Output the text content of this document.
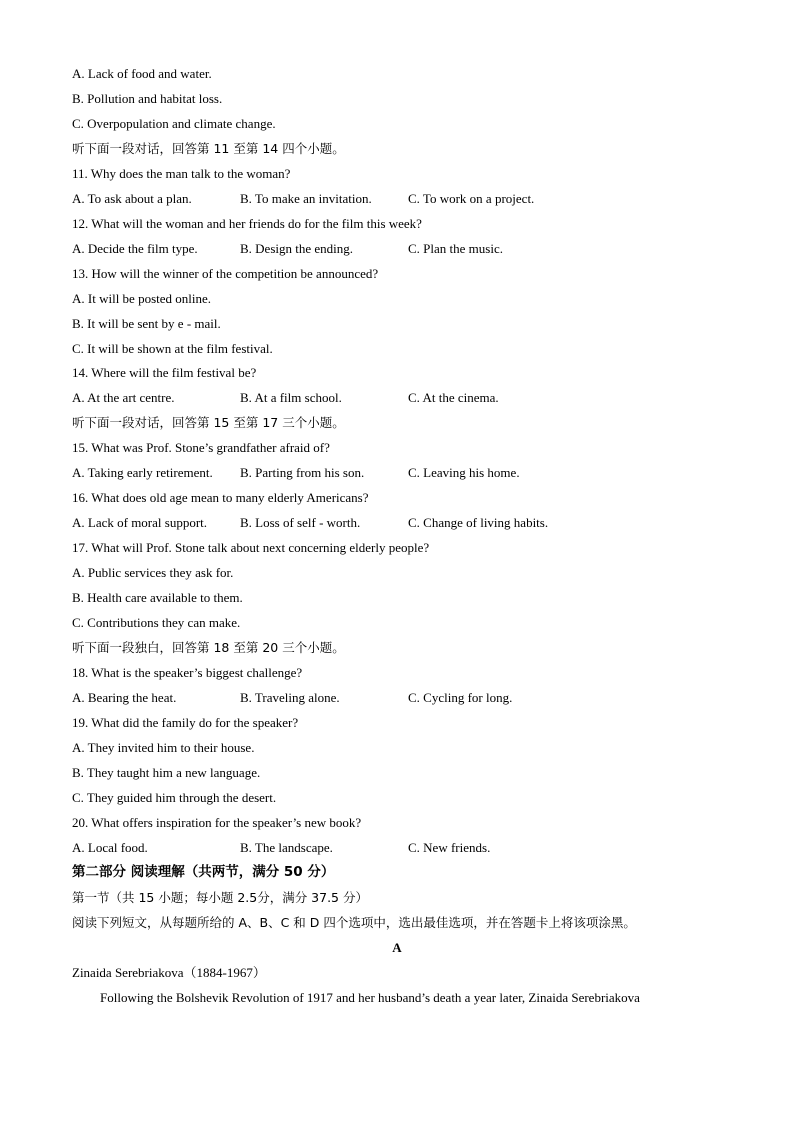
A. Lack of food and water.
B. Pollution and habitat loss.
C. Overpopulation and climate change.
听下面一段对话，回答第 11 至第 14 四个小题。
11. Why does the man talk to the woman?
A. To ask about a plan.	B. To make an invitation.	C. To work on a project.
12. What will the woman and her friends do for the film this week?
A. Decide the film type.	B. Design the ending.	C. Plan the music.
13. How will the winner of the competition be announced?
A. It will be posted online.
B. It will be sent by e - mail.
C. It will be shown at the film festival.
14. Where will the film festival be?
A. At the art centre.	B. At a film school.	C. At the cinema.
听下面一段对话，回答第 15 至第 17 三个小题。
15. What was Prof. Stone’s grandfather afraid of?
A. Taking early retirement. B. Parting from his son.	C. Leaving his home.
16. What does old age mean to many elderly Americans?
A. Lack of moral support.	B. Loss of self - worth.	C. Change of living habits.
17. What will Prof. Stone talk about next concerning elderly people?
A. Public services they ask for.
B. Health care available to them.
C. Contributions they can make.
听下面一段独白，回答第 18 至第 20 三个小题。
18. What is the speaker’s biggest challenge?
A. Bearing the heat.	B. Traveling alone.	C. Cycling for long.
19. What did the family do for the speaker?
A. They invited him to their house.
B. They taught him a new language.
C. They guided him through the desert.
20. What offers inspiration for the speaker’s new book?
A. Local food.	B. The landscape.	C. New friends.
第二部分 阅读理解（共两节，满分 50 分）
第一节（共 15 小题；每小题 2.5分，满分 37.5 分）
阅读下列短文，从每题所给的 A、B、C 和 D 四个选项中，选出最佳选项，并在答题卡上将该项涂黑。
A
Zinaida Serebriakova（1884-1967）
Following the Bolshevik Revolution of 1917 and her husband’s death a year later, Zinaida Serebriakova
